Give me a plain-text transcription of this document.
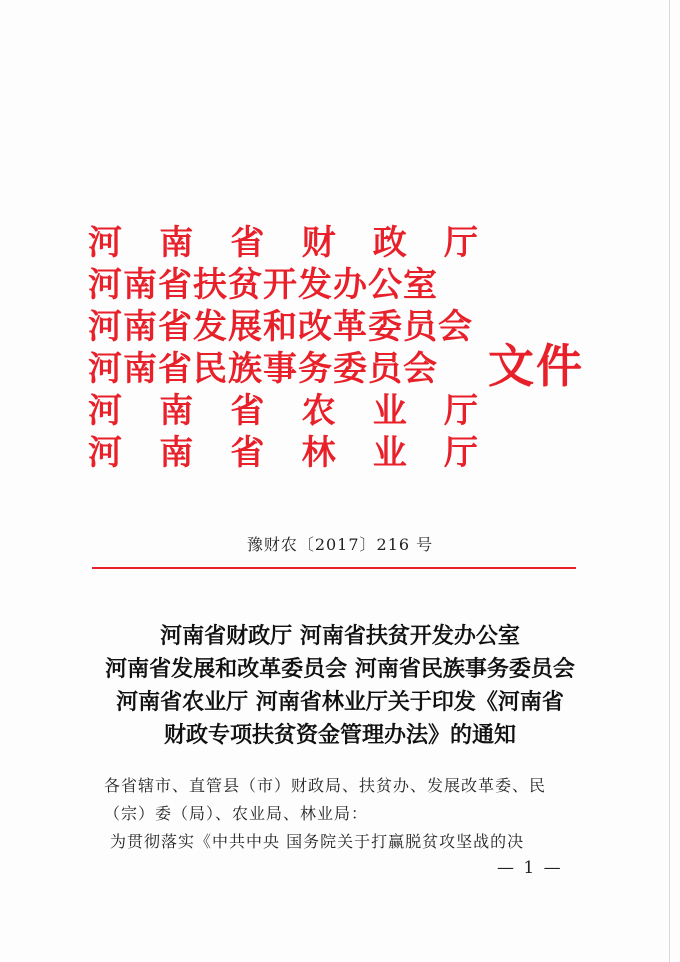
河 南 省 财 政 厅
河南省扶贫开发办公室
河南省发展和改革委员会
河南省民族事务委员会
河 南 省 农 业 厅
河 南 省 林 业 厅
文件
豫财农〔2017〕216 号
河南省财政厅 河南省扶贫开发办公室
河南省发展和改革委员会 河南省民族事务委员会
河南省农业厅 河南省林业厅关于印发《河南省
财政专项扶贫资金管理办法》的通知
各省辖市、直管县（市）财政局、扶贫办、发展改革委、民
（宗）委（局）、农业局、林业局：
为贯彻落实《中共中央 国务院关于打赢脱贫攻坚战的决
— 1 —
